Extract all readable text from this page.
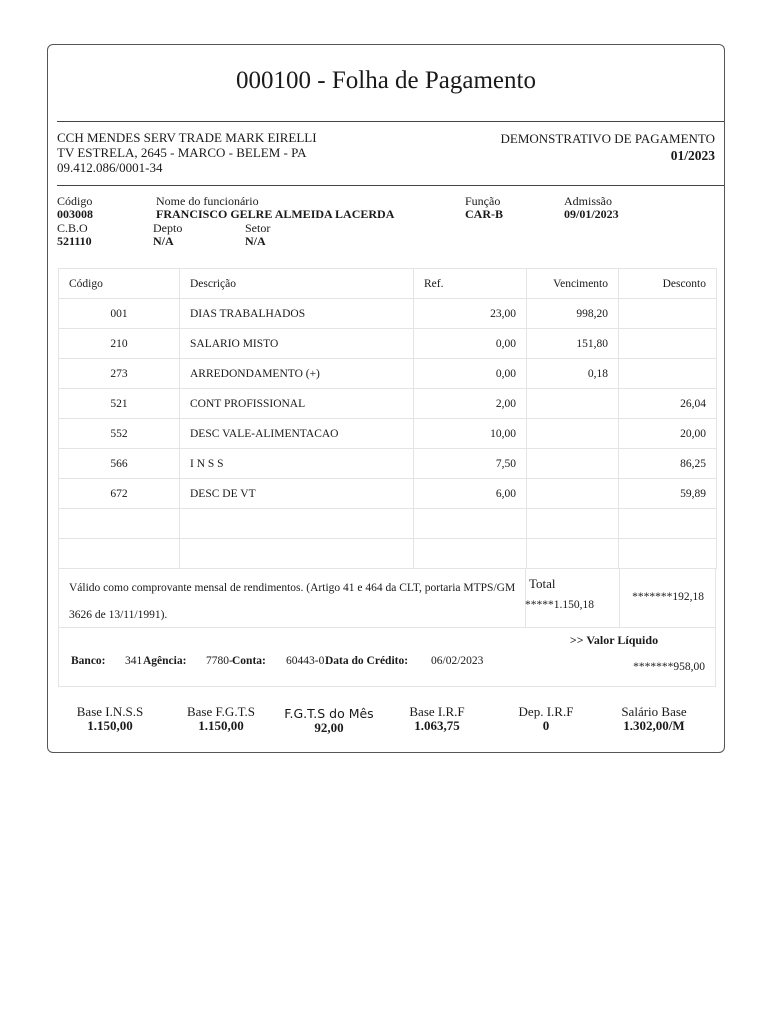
000100 - Folha de Pagamento
CCH MENDES SERV TRADE MARK EIRELLI
TV ESTRELA, 2645 - MARCO - BELEM - PA
09.412.086/0001-34
DEMONSTRATIVO DE PAGAMENTO
01/2023
Código
003008
Nome do funcionário
FRANCISCO GELRE ALMEIDA LACERDA
Função
CAR-B
Admissão
09/01/2023
C.B.O
521110
Depto
N/A
Setor
N/A
Código	Descrição	Ref.	Vencimento	Desconto
001	DIAS TRABALHADOS	23,00	998,20	
210	SALARIO MISTO	0,00	151,80	
273	ARREDONDAMENTO (+)	0,00	0,18	
521	CONT PROFISSIONAL	2,00		26,04
552	DESC VALE-ALIMENTACAO	10,00		20,00
566	I N S S	7,50		86,25
672	DESC DE VT	6,00		59,89

Válido como comprovante mensal de rendimentos. (Artigo 41 e 464 da CLT, portaria MTPS/GM 3626 de 13/11/1991).
Total
*****1.150,18
*******192,18
>> Valor Líquido
*******958,00
Banco: 341 Agência: 7780- Conta: 60443-0 Data do Crédito: 06/02/2023
Base I.N.S.S
1.150,00
Base F.G.T.S
1.150,00
F.G.T.S do Mês
92,00
Base I.R.F
1.063,75
Dep. I.R.F
0
Salário Base
1.302,00/M
